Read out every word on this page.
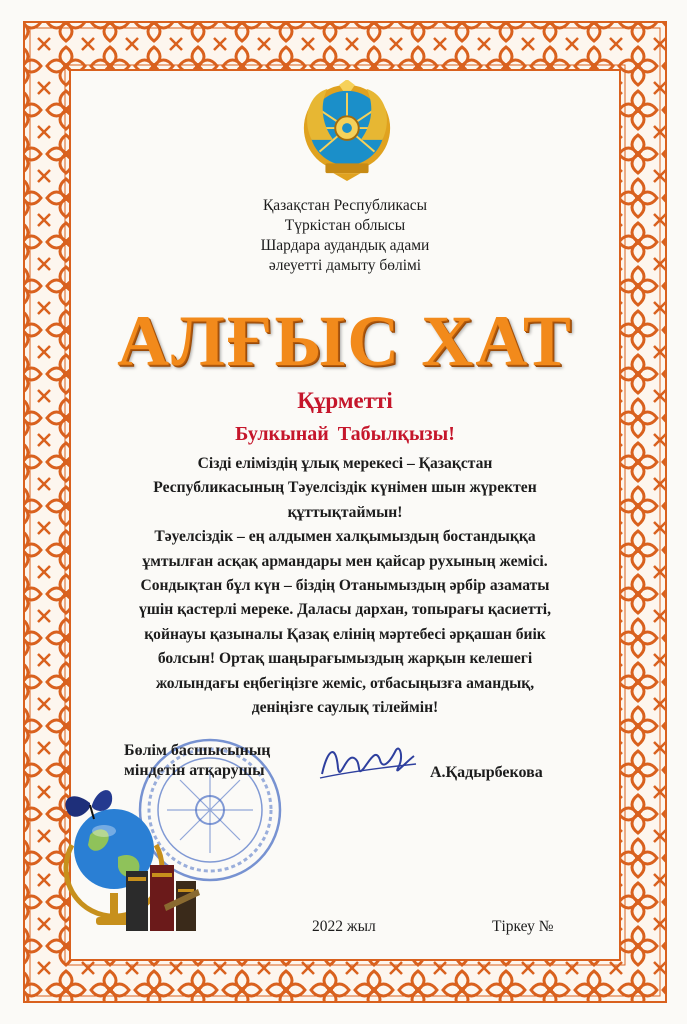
Қазақстан Республикасы
Түркістан облысы
Шардара аудандық адами
әлеуетті дамыту бөлімі
АЛҒЫС ХАТ
Құрметті
Булкынай Табылқызы!
Сізді еліміздің ұлық мерекесі – Қазақстан
Республикасының Тәуелсіздік күнімен шын жүректен
құттықтаймын!
Тәуелсіздік – ең алдымен халқымыздың бостандыққа
ұмтылған асқақ армандары мен қайсар рухының жемісі.
Сондықтан бұл күн – біздің Отанымыздың әрбір азаматы
үшін қастерлі мереке. Даласы дархан, топырағы қасиетті,
қойнауы қазыналы Қазақ елінің мәртебесі әрқашан биік
болсын! Ортақ шаңырағымыздың жарқын келешегі
жолындағы еңбегіңізге жеміс, отбасыңызға амандық,
денiңізге саулық тілеймін!
Бөлім басшысының
міндетін атқарушы	А.Қадырбекова
2022 жыл	Тіркеу №
